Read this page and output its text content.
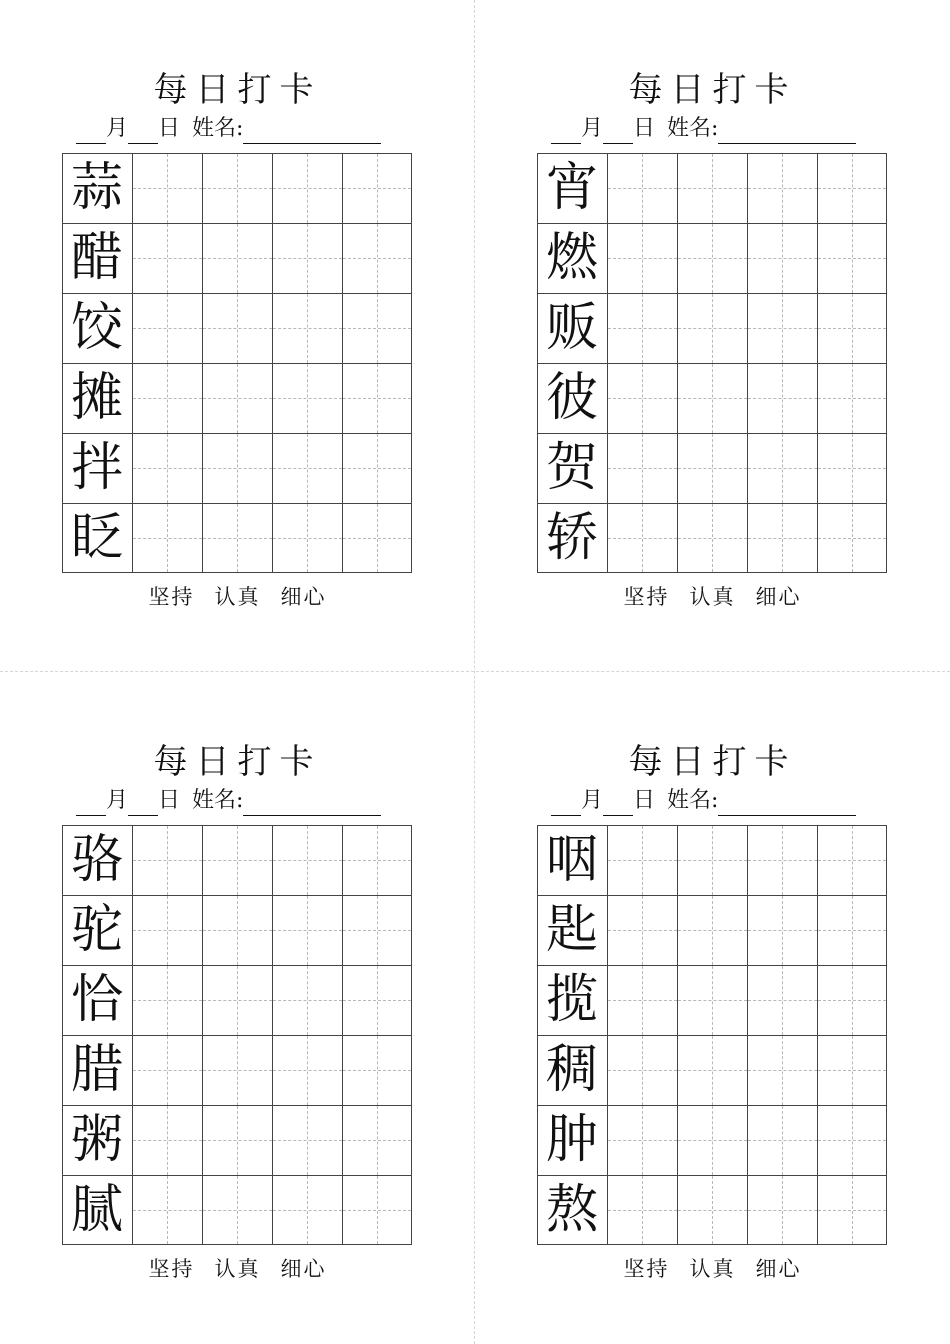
每日打卡
月 日 姓名:
蒜
醋
饺
摊
拌
眨
坚持 认真 细心
每日打卡
月 日 姓名:
宵
燃
贩
彼
贺
轿
坚持 认真 细心
每日打卡
月 日 姓名:
骆
驼
恰
腊
粥
腻
坚持 认真 细心
每日打卡
月 日 姓名:
咽
匙
揽
稠
肿
熬
坚持 认真 细心
